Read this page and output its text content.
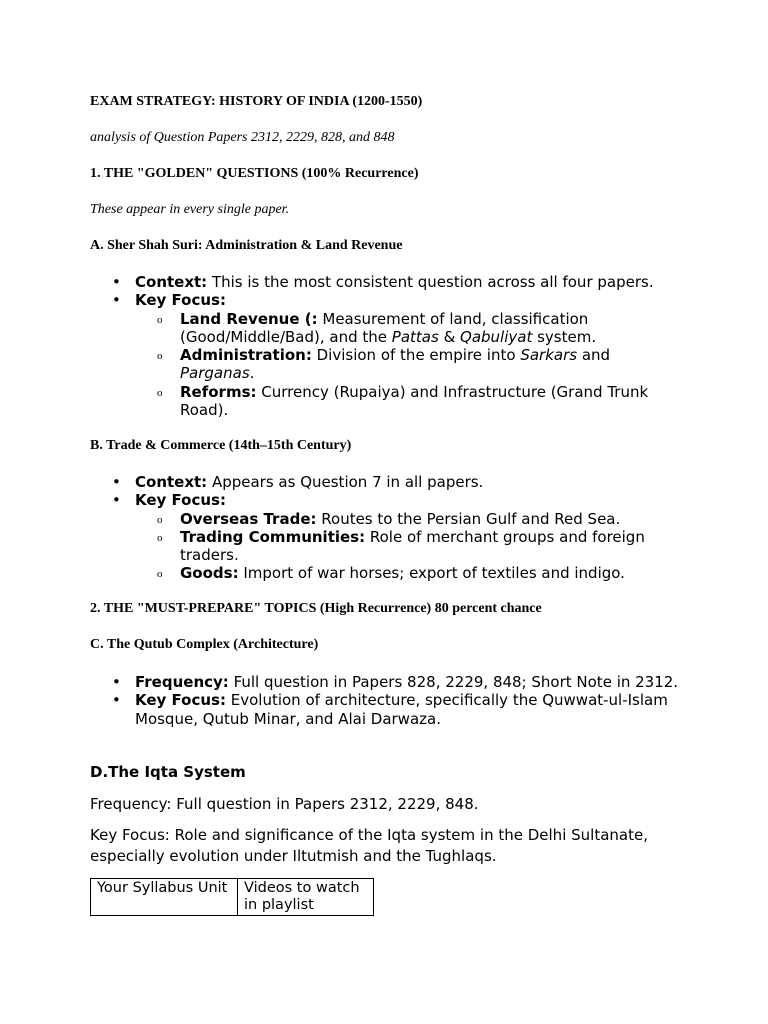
EXAM STRATEGY: HISTORY OF INDIA (1200-1550)
analysis of Question Papers 2312, 2229, 828, and 848
1. THE "GOLDEN" QUESTIONS (100% Recurrence)
These appear in every single paper.
A. Sher Shah Suri: Administration & Land Revenue
• Context: This is the most consistent question across all four papers.
• Key Focus:
o Land Revenue (: Measurement of land, classification (Good/Middle/Bad), and the Pattas & Qabuliyat system.
o Administration: Division of the empire into Sarkars and Parganas.
o Reforms: Currency (Rupaiya) and Infrastructure (Grand Trunk Road).
B. Trade & Commerce (14th–15th Century)
• Context: Appears as Question 7 in all papers.
• Key Focus:
o Overseas Trade: Routes to the Persian Gulf and Red Sea.
o Trading Communities: Role of merchant groups and foreign traders.
o Goods: Import of war horses; export of textiles and indigo.
2. THE "MUST-PREPARE" TOPICS (High Recurrence) 80 percent chance
C. The Qutub Complex (Architecture)
• Frequency: Full question in Papers 828, 2229, 848; Short Note in 2312.
• Key Focus: Evolution of architecture, specifically the Quwwat-ul-Islam Mosque, Qutub Minar, and Alai Darwaza.
D.The Iqta System
Frequency: Full question in Papers 2312, 2229, 848.
Key Focus: Role and significance of the Iqta system in the Delhi Sultanate, especially evolution under Iltutmish and the Tughlaqs.
Your Syllabus Unit	Videos to watch in playlist
